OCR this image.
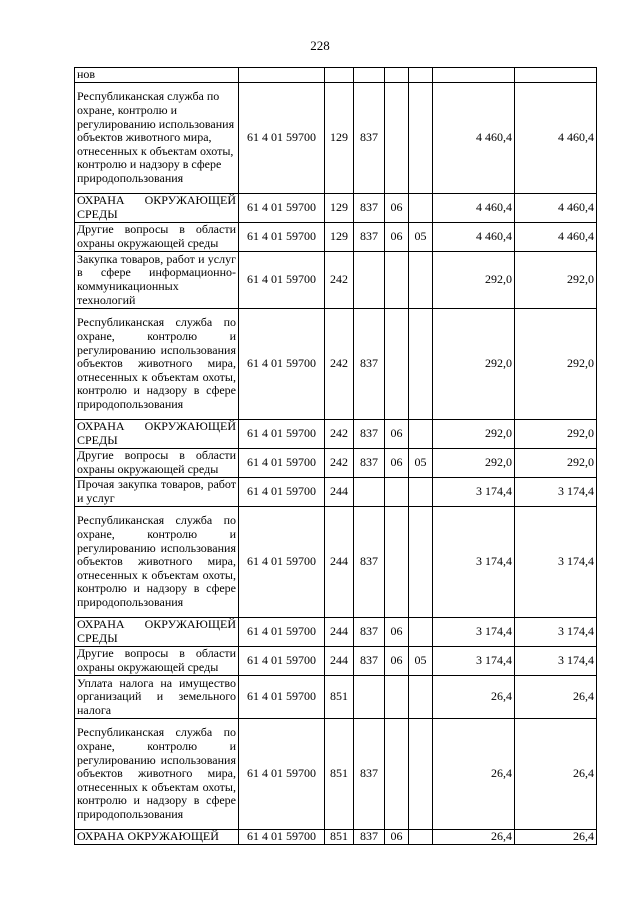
228
нов							
Республиканская служба по охране, контролю и регулированию использования объектов животного мира, отнесенных к объектам охоты, контролю и надзору в сфере природопользования	61 4 01 59700	129	837			4 460,4	4 460,4
ОХРАНА ОКРУЖАЮЩЕЙ СРЕДЫ	61 4 01 59700	129	837	06		4 460,4	4 460,4
Другие вопросы в области охраны окружающей среды	61 4 01 59700	129	837	06	05	4 460,4	4 460,4
Закупка товаров, работ и услуг в сфере информационно-коммуникационных технологий	61 4 01 59700	242				292,0	292,0
Республиканская служба по охране, контролю и регулированию использования объектов животного мира, отнесенных к объектам охоты, контролю и надзору в сфере природопользования	61 4 01 59700	242	837			292,0	292,0
ОХРАНА ОКРУЖАЮЩЕЙ СРЕДЫ	61 4 01 59700	242	837	06		292,0	292,0
Другие вопросы в области охраны окружающей среды	61 4 01 59700	242	837	06	05	292,0	292,0
Прочая закупка товаров, работ и услуг	61 4 01 59700	244				3 174,4	3 174,4
Республиканская служба по охране, контролю и регулированию использования объектов животного мира, отнесенных к объектам охоты, контролю и надзору в сфере природопользования	61 4 01 59700	244	837			3 174,4	3 174,4
ОХРАНА ОКРУЖАЮЩЕЙ СРЕДЫ	61 4 01 59700	244	837	06		3 174,4	3 174,4
Другие вопросы в области охраны окружающей среды	61 4 01 59700	244	837	06	05	3 174,4	3 174,4
Уплата налога на имущество организаций и земельного налога	61 4 01 59700	851				26,4	26,4
Республиканская служба по охране, контролю и регулированию использования объектов животного мира, отнесенных к объектам охоты, контролю и надзору в сфере природопользования	61 4 01 59700	851	837			26,4	26,4
ОХРАНА ОКРУЖАЮЩЕЙ	61 4 01 59700	851	837	06		26,4	26,4
